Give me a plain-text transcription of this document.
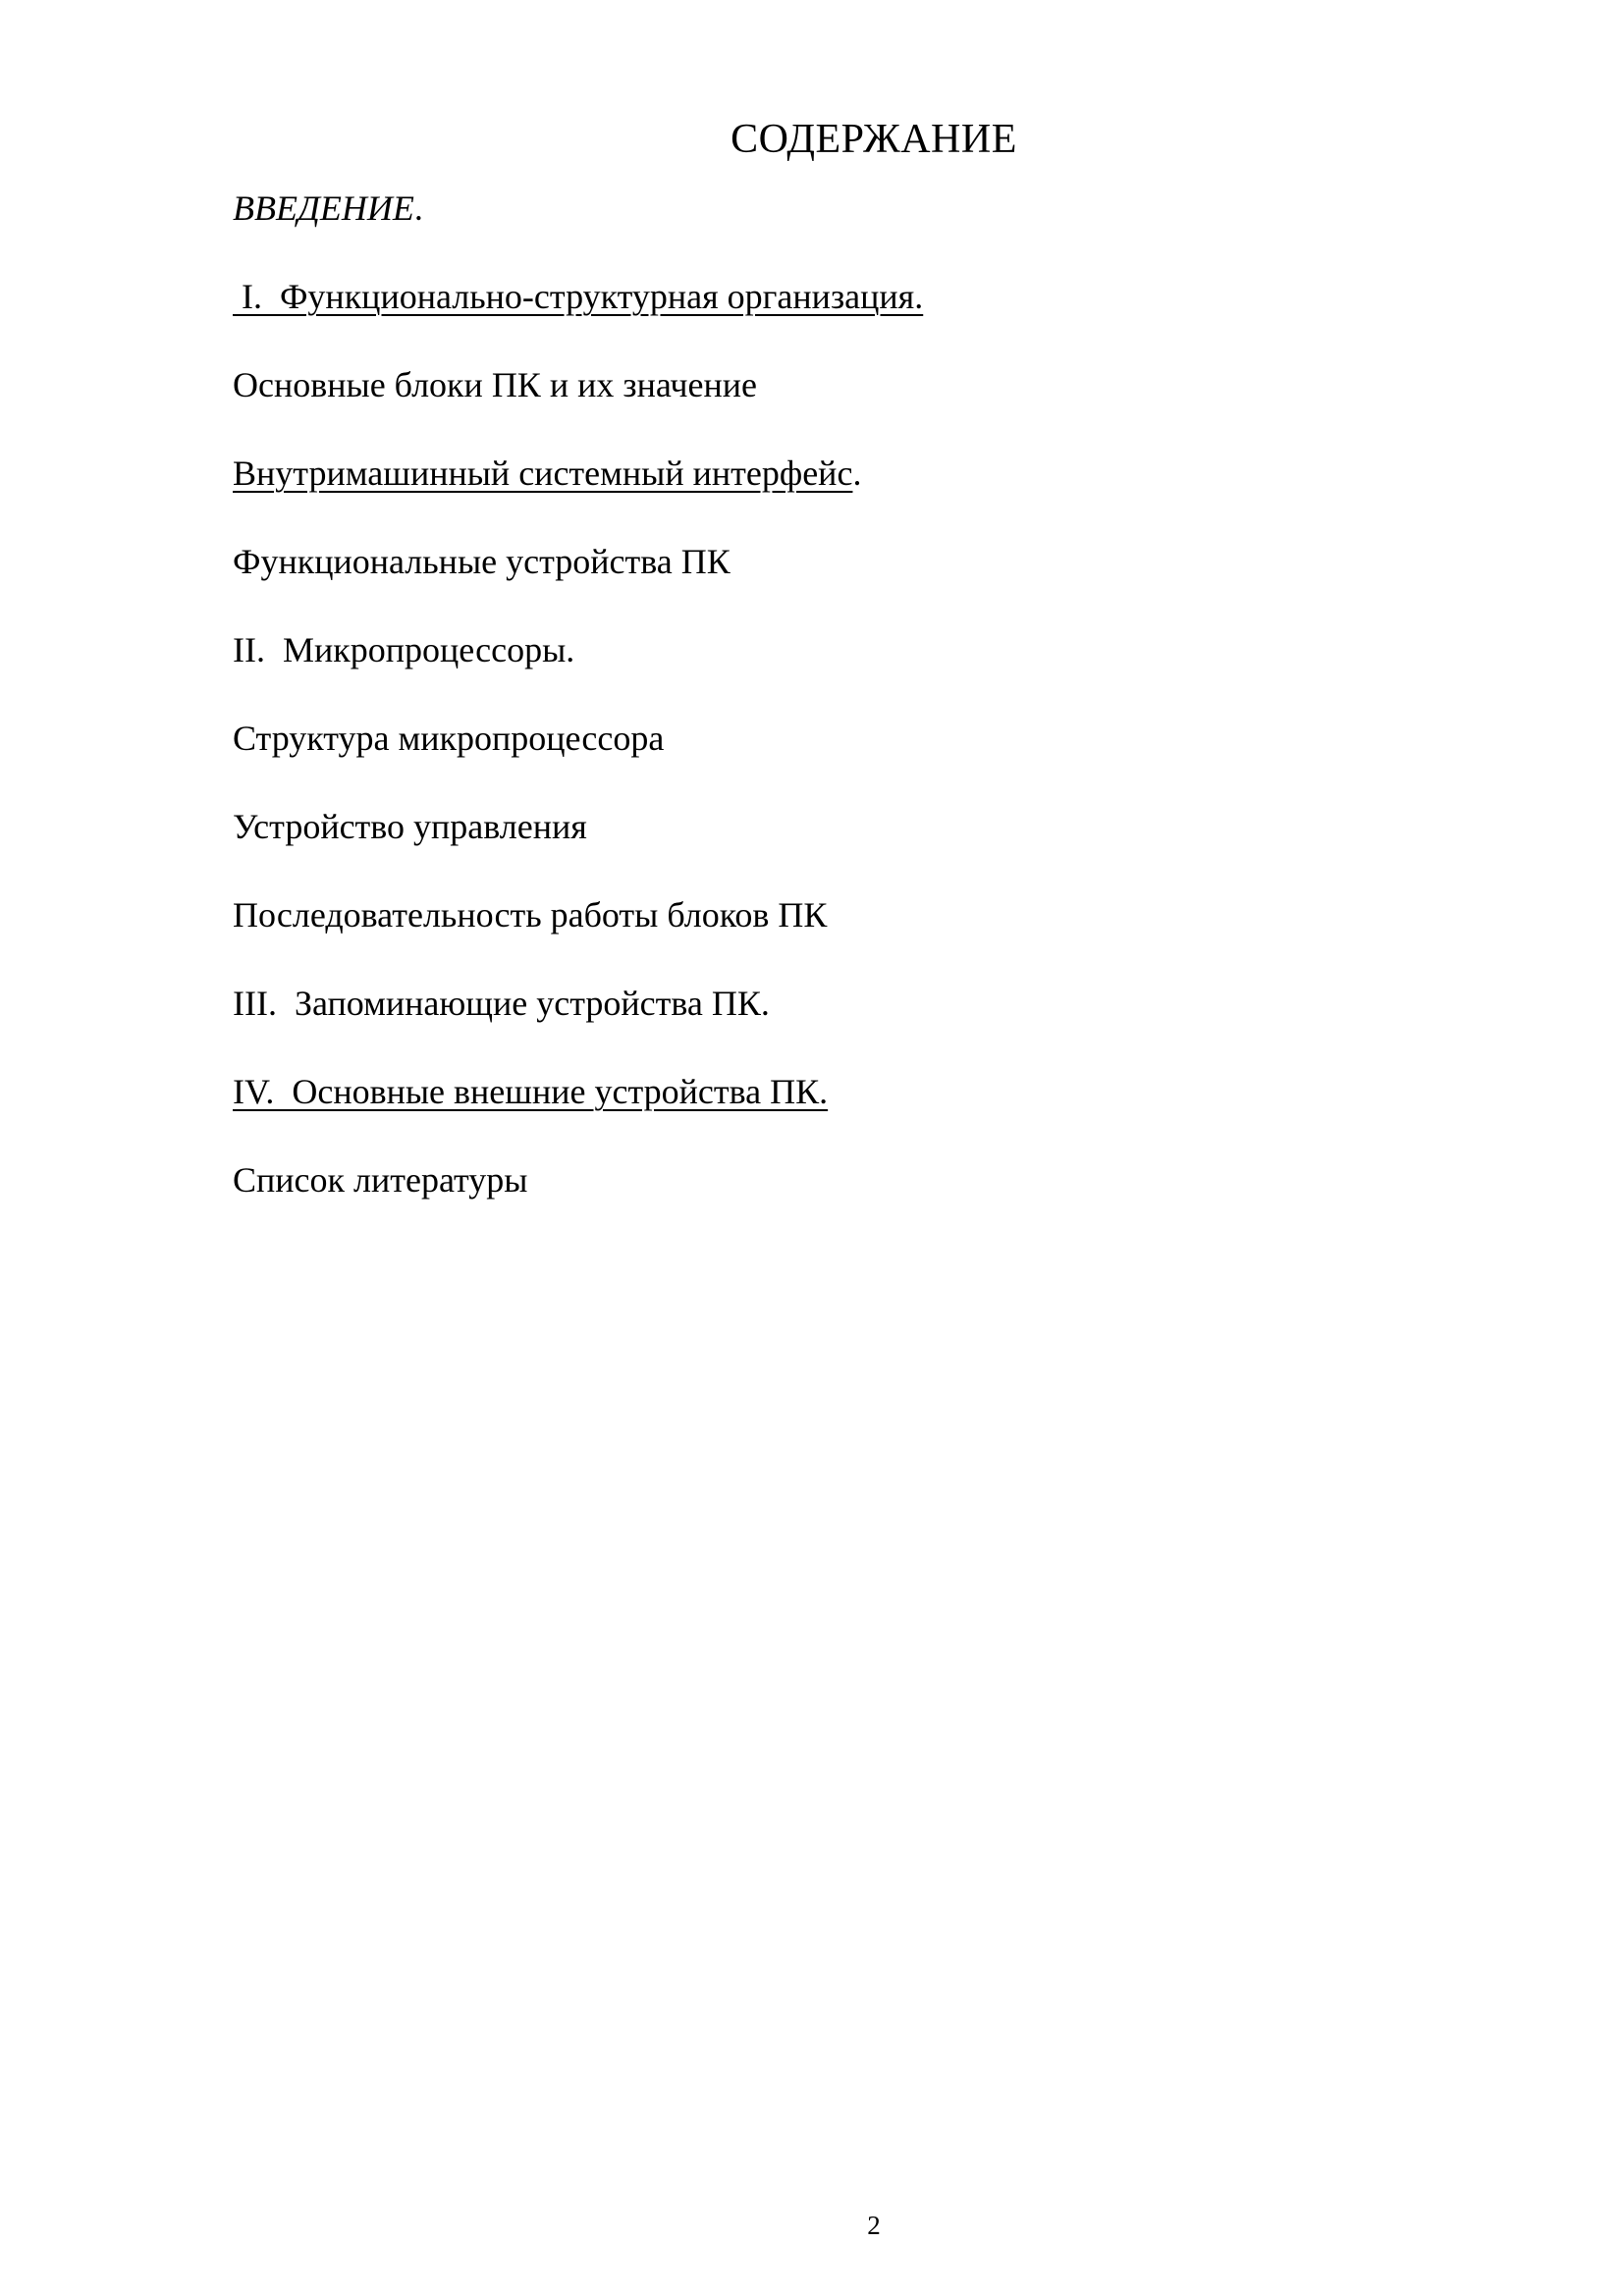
СОДЕРЖАНИЕ
ВВЕДЕНИЕ.
I.  Функционально-структурная организация.
Основные блоки ПК и их значение
Внутримашинный системный интерфейс.
Функциональные устройства ПК
II.  Микропроцессоры.
Структура микропроцессора
Устройство управления
Последовательность работы блоков ПК
III.  Запоминающие устройства ПК.
IV.  Основные внешние устройства ПК.
Список литературы
2
